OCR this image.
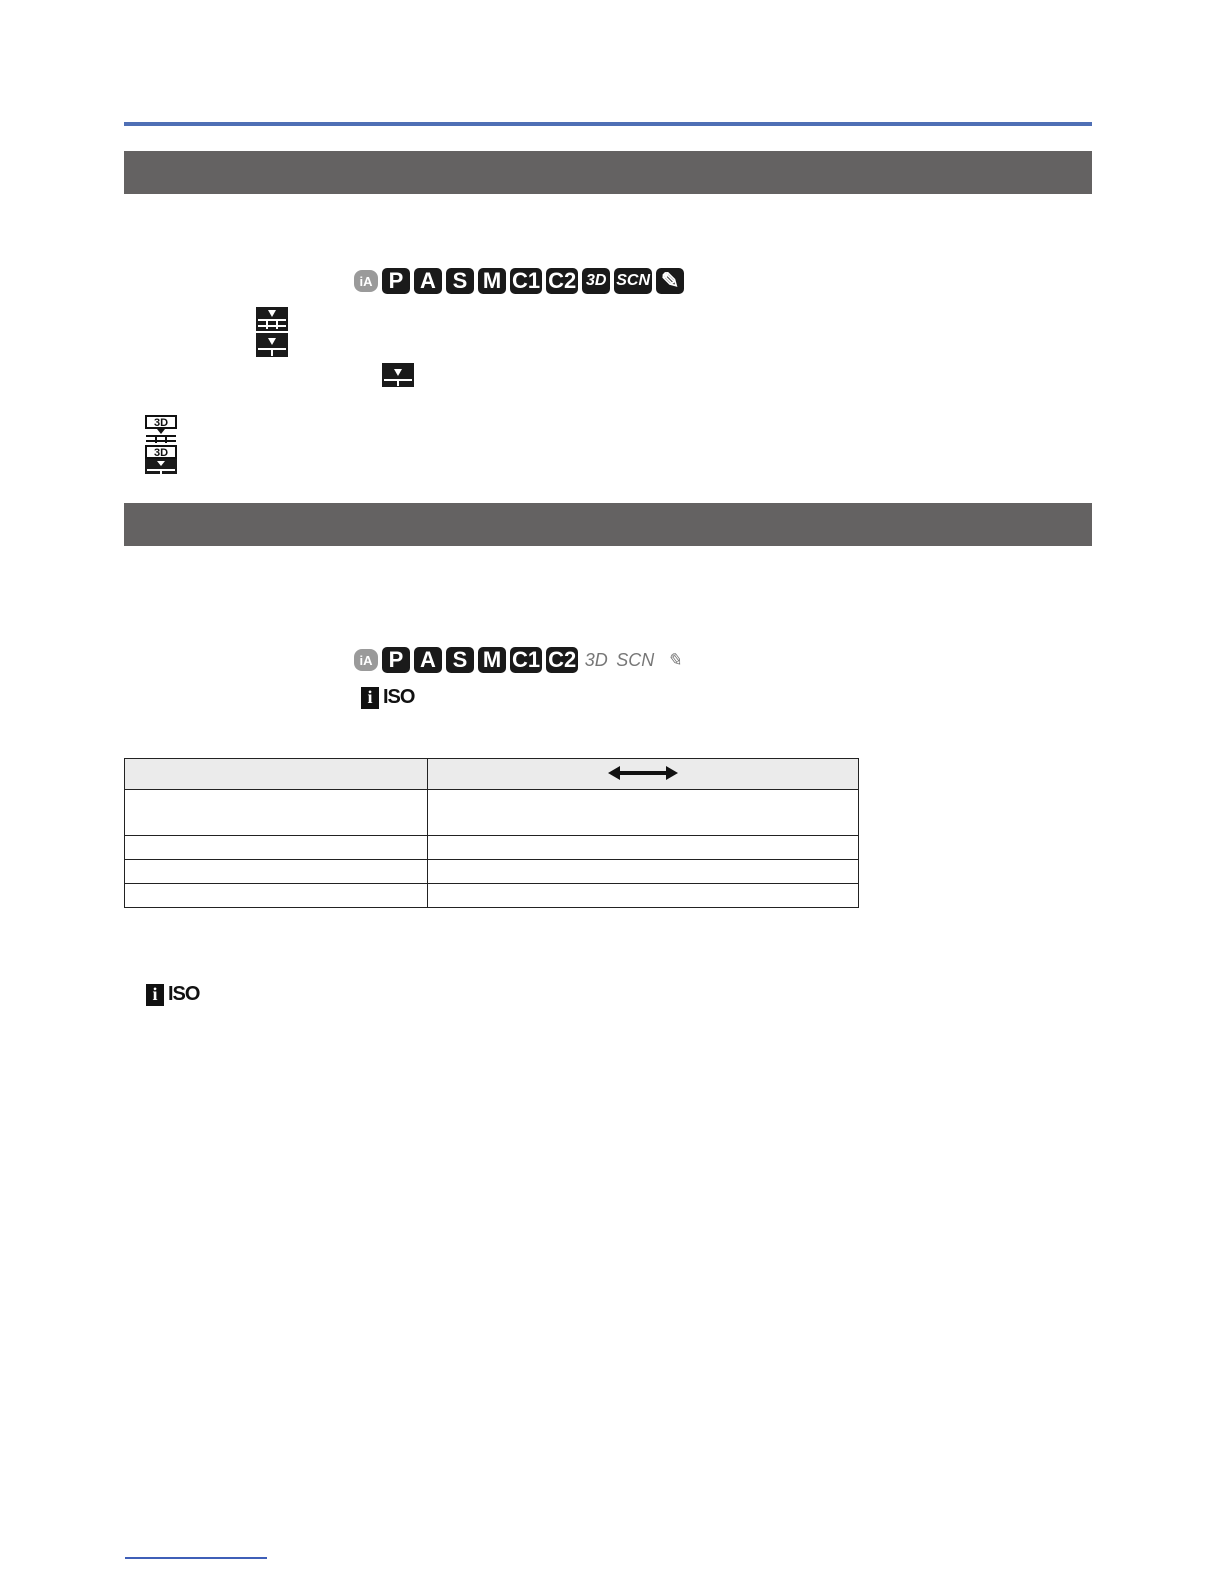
iA P A S M C1 C2 3D SCN ✎
3D
3D
iA P A S M C1 C2 3D SCN ✎
i ISO

i ISO
